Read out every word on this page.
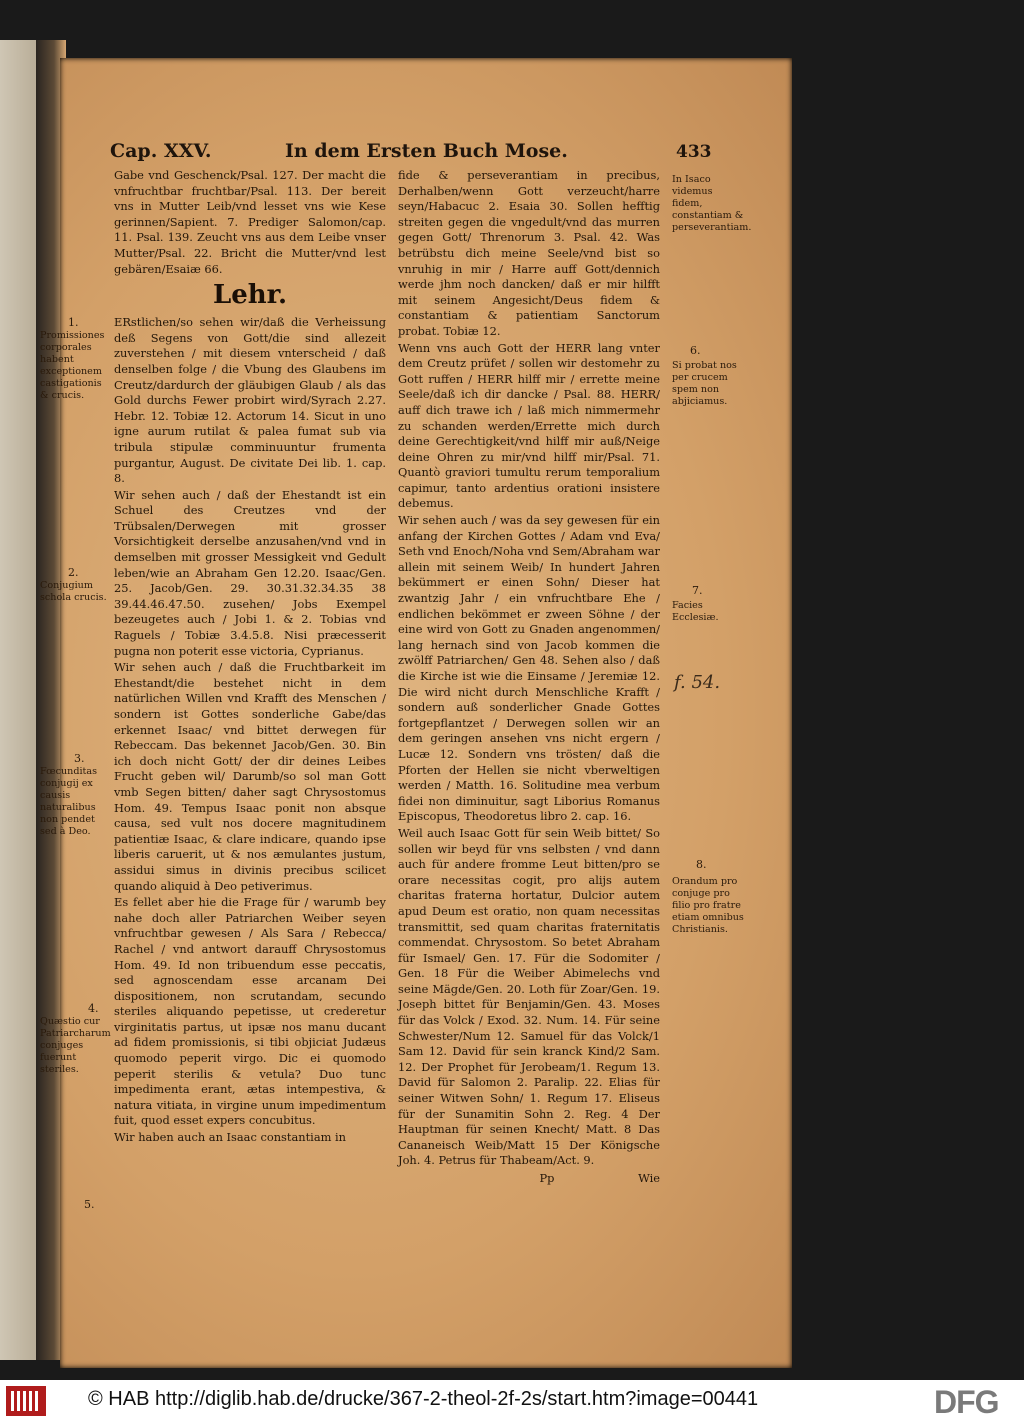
Cap. XXV.	In dem Ersten Buch Mose.	433

Gabe vnd Geschenck/Psal. 127. Der macht die vnfruchtbar fruchtbar/Psal. 113. Der bereit vns in Mutter Leib/vnd lesset vns wie Kese gerinnen/Sapient. 7. Prediger Salomon/cap. 11. Psal. 139. Zeucht vns aus dem Leibe vnser Mutter/Psal. 22. Bricht die Mutter/vnd lest gebären/Esaiæ 66.

Lehr.

ERstlichen/so sehen wir/daß die Verheissung deß Segens von Gott/die sind allezeit zuverstehen / mit diesem vnterscheid / daß denselben folge / die Vbung des Glaubens im Creutz/dardurch der gläubigen Glaub / als das Gold durchs Fewer probirt wird/Syrach 2.27. Hebr. 12. Tobiæ 12. Actorum 14. Sicut in uno igne aurum rutilat & palea fumat sub via tribula stipulæ comminuuntur frumenta purgantur, August. De civitate Dei lib. 1. cap. 8.

Wir sehen auch / daß der Ehestandt ist ein Schuel des Creutzes vnd der Trübsalen/Derwegen mit grosser Vorsichtigkeit derselbe anzusahen/vnd vnd in demselben mit grosser Messigkeit vnd Gedult leben/wie an Abraham Gen 12.20. Isaac/Gen. 25. Jacob/Gen. 29. 30.31.32.34.35 38 39.44.46.47.50. zusehen/ Jobs Exempel bezeugetes auch / Jobi 1. & 2. Tobias vnd Raguels / Tobiæ 3.4.5.8. Nisi præcesserit pugna non poterit esse victoria, Cyprianus.

Wir sehen auch / daß die Fruchtbarkeit im Ehestandt/die bestehet nicht in dem natürlichen Willen vnd Krafft des Menschen / sondern ist Gottes sonderliche Gabe/das erkennet Isaac/ vnd bittet derwegen für Rebeccam. Das bekennet Jacob/Gen. 30. Bin ich doch nicht Gott/ der dir deines Leibes Frucht geben wil/ Darumb/so sol man Gott vmb Segen bitten/ daher sagt Chrysostomus Hom. 49. Tempus Isaac ponit non absque causa, sed vult nos docere magnitudinem patientiæ Isaac, & clare indicare, quando ipse liberis caruerit, ut & nos æmulantes justum, assidui simus in divinis precibus scilicet quando aliquid à Deo petiverimus.

Es fellet aber hie die Frage für / warumb bey nahe doch aller Patriarchen Weiber seyen vnfruchtbar gewesen / Als Sara / Rebecca/ Rachel / vnd antwort darauff Chrysostomus Hom. 49. Id non tribuendum esse peccatis, sed agnoscendam esse arcanam Dei dispositionem, non scrutandam, secundo steriles aliquando pepetisse, ut crederetur virginitatis partus, ut ipsæ nos manu ducant ad fidem promissionis, si tibi objiciat Judæus quomodo peperit virgo. Dic ei quomodo peperit sterilis & vetula? Duo tunc impedimenta erant, ætas intempestiva, & natura vitiata, in virgine unum impedimentum fuit, quod esset expers concubitus.

Wir haben auch an Isaac constantiam in

fide & perseverantiam in precibus, Derhalben/wenn Gott verzeucht/harre seyn/Habacuc 2. Esaia 30. Sollen hefftig streiten gegen die vngedult/vnd das murren gegen Gott/ Threnorum 3. Psal. 42. Was betrübstu dich meine Seele/vnd bist so vnruhig in mir / Harre auff Gott/dennich werde jhm noch dancken/ daß er mir hilfft mit seinem Angesicht/Deus fidem & constantiam & patientiam Sanctorum probat. Tobiæ 12.

Wenn vns auch Gott der HERR lang vnter dem Creutz prüfet / sollen wir destomehr zu Gott ruffen / HERR hilff mir / errette meine Seele/daß ich dir dancke / Psal. 88. HERR/ auff dich trawe ich / laß mich nimmermehr zu schanden werden/Errette mich durch deine Gerechtigkeit/vnd hilff mir auß/Neige deine Ohren zu mir/vnd hilff mir/Psal. 71. Quantò graviori tumultu rerum temporalium capimur, tanto ardentius orationi insistere debemus.

Wir sehen auch / was da sey gewesen für ein anfang der Kirchen Gottes / Adam vnd Eva/ Seth vnd Enoch/Noha vnd Sem/Abraham war allein mit seinem Weib/ In hundert Jahren bekümmert er einen Sohn/ Dieser hat zwantzig Jahr / ein vnfruchtbare Ehe / endlichen bekömmet er zween Söhne / der eine wird von Gott zu Gnaden angenommen/ lang hernach sind von Jacob kommen die zwölff Patriarchen/ Gen 48. Sehen also / daß die Kirche ist wie die Einsame / Jeremiæ 12. Die wird nicht durch Menschliche Krafft / sondern auß sonderlicher Gnade Gottes fortgepflantzet / Derwegen sollen wir an dem geringen ansehen vns nicht ergern / Lucæ 12. Sondern vns trösten/ daß die Pforten der Hellen sie nicht vberweltigen werden / Matth. 16. Solitudine mea verbum fidei non diminuitur, sagt Liborius Romanus Episcopus, Theodoretus libro 2. cap. 16.

Weil auch Isaac Gott für sein Weib bittet/ So sollen wir beyd für vns selbsten / vnd dann auch für andere fromme Leut bitten/pro se orare necessitas cogit, pro alijs autem charitas fraterna hortatur, Dulcior autem apud Deum est oratio, non quam necessitas transmittit, sed quam charitas fraternitatis commendat. Chrysostom. So betet Abraham für Ismael/ Gen. 17. Für die Sodomiter / Gen. 18 Für die Weiber Abimelechs vnd seine Mägde/Gen. 20. Loth für Zoar/Gen. 19. Joseph bittet für Benjamin/Gen. 43. Moses für das Volck / Exod. 32. Num. 14. Für seine Schwester/Num 12. Samuel für das Volck/1 Sam 12. David für sein kranck Kind/2 Sam. 12. Der Prophet für Jerobeam/1. Regum 13. David für Salomon 2. Paralip. 22. Elias für seiner Witwen Sohn/ 1. Regum 17. Eliseus für der Sunamitin Sohn 2. Reg. 4 Der Hauptman für seinen Knecht/ Matt. 8 Das Cananeisch Weib/Matt 15 Der Königsche Joh. 4. Petrus für Thabeam/Act. 9.

Pp	Wie

1.
Promissiones corporales habent exceptionem castigationis & crucis.
2.
Conjugium schola crucis.
3.
Fœcunditas conjugij ex causis naturalibus non pendet sed à Deo.
4.
Quæstio cur Patriarcharum conjuges fuerunt steriles.
5.
In Isaco videmus fidem, constantiam & perseverantiam.
6.
Si probat nos per crucem spem non abjiciamus.
7.
Facies Ecclesiæ.
f. 54.
8.
Orandum pro conjuge pro filio pro fratre etiam omnibus Christianis.
© HAB http://diglib.hab.de/drucke/367-2-theol-2f-2s/start.htm?image=00441	DFG
